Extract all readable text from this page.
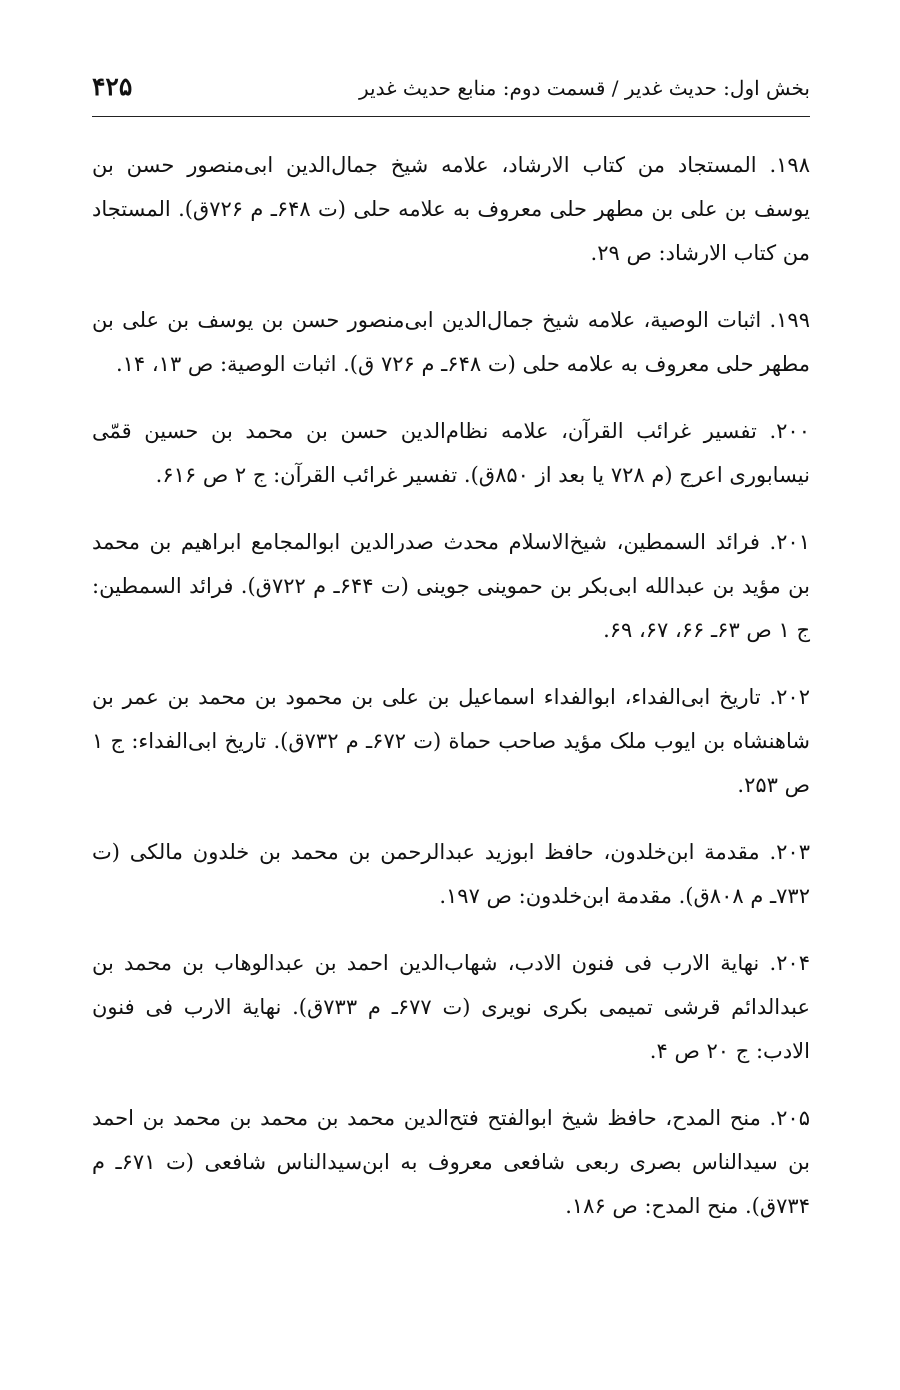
بخش اول: حدیث غدیر / قسمت دوم: منابع حدیث غدیر
۴۲۵

۱۹۸. المستجاد من کتاب الارشاد، علامه شیخ جمال‌الدین ابی‌منصور حسن بن یوسف بن علی بن مطهر حلی معروف به علامه حلی (ت ۶۴۸ـ م ۷۲۶ق). المستجاد من کتاب الارشاد: ص ۲۹.

۱۹۹. اثبات الوصیة، علامه شیخ جمال‌الدین ابی‌منصور حسن بن یوسف بن علی بن مطهر حلی معروف به علامه حلی (ت ۶۴۸ـ م ۷۲۶ ق). اثبات الوصیة: ص ۱۳، ۱۴.

۲۰۰. تفسیر غرائب القرآن، علامه نظام‌الدین حسن بن محمد بن حسین قمّی نیسابوری اعرج (م ۷۲۸ یا بعد از ۸۵۰ق). تفسیر غرائب القرآن: ج ۲ ص ۶۱۶.

۲۰۱. فرائد السمطین، شیخ‌الاسلام محدث صدرالدین ابوالمجامع ابراهیم بن محمد بن مؤید بن عبدالله ابی‌بکر بن حموینی جوینی (ت ۶۴۴ـ م ۷۲۲ق). فرائد السمطین: ج ۱ ص ۶۳ـ ۶۶، ۶۷، ۶۹.

۲۰۲. تاریخ ابی‌الفداء، ابوالفداء اسماعیل بن علی بن محمود بن محمد بن عمر بن شاهنشاه بن ایوب ملک مؤید صاحب حماة (ت ۶۷۲ـ م ۷۳۲ق). تاریخ ابی‌الفداء: ج ۱ ص ۲۵۳.

۲۰۳. مقدمة ابن‌خلدون، حافظ ابوزید عبدالرحمن بن محمد بن خلدون مالکی (ت ۷۳۲ـ م ۸۰۸ق). مقدمة ابن‌خلدون: ص ۱۹۷.

۲۰۴. نهایة الارب فی فنون الادب، شهاب‌الدین احمد بن عبدالوهاب بن محمد بن عبدالدائم قرشی تمیمی بکری نویری (ت ۶۷۷ـ م ۷۳۳ق). نهایة الارب فی فنون الادب: ج ۲۰ ص ۴.

۲۰۵. منح المدح، حافظ شیخ ابوالفتح فتح‌الدین محمد بن محمد بن محمد بن احمد بن سیدالناس بصری ربعی شافعی معروف به ابن‌سیدالناس شافعی (ت ۶۷۱ـ م ۷۳۴ق). منح المدح: ص ۱۸۶.
